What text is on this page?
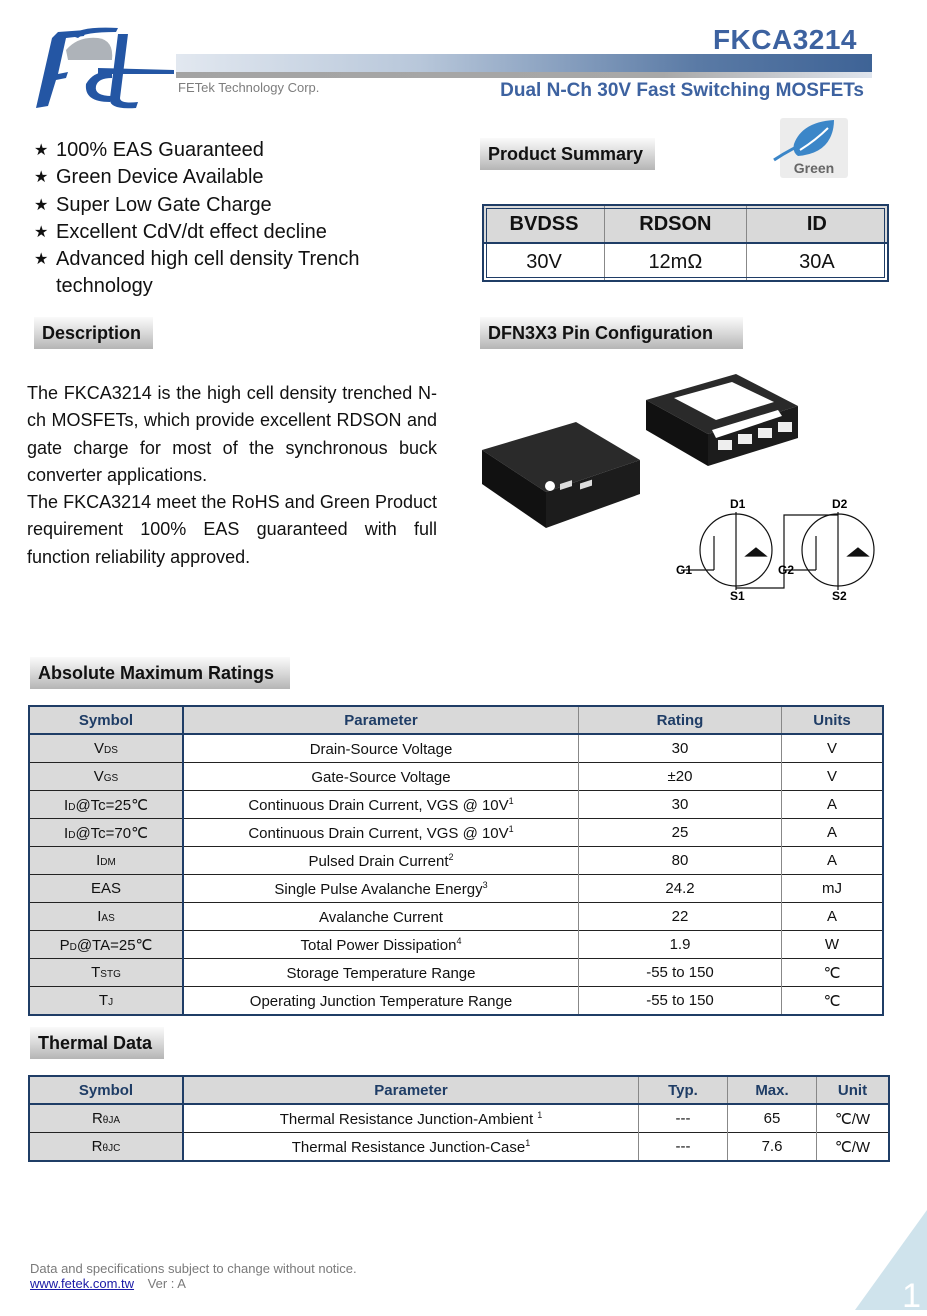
FETek Technology Corp.
FKCA3214
Dual N-Ch 30V Fast Switching MOSFETs
★ 100% EAS Guaranteed
★ Green Device Available
★ Super Low Gate Charge
★ Excellent CdV/dt effect decline
★ Advanced high cell density Trench
technology
Product Summary
Green
BVDSS	RDSON	ID
30V	12mΩ	30A
Description

The FKCA3214 is the high cell density trenched N-ch MOSFETs, which provide excellent RDSON and gate charge for most of the synchronous buck converter applications.

The FKCA3214 meet the RoHS and Green Product requirement 100% EAS guaranteed with full function reliability approved.

DFN3X3 Pin Configuration
D1	D2
G1	G2
S1	S2
Absolute Maximum Ratings
Symbol	Parameter	Rating	Units
VDS	Drain-Source Voltage	30	V
VGS	Gate-Source Voltage	±20	V
ID@Tc=25℃	Continuous Drain Current, VGS @ $10V^1$	30	A
ID@Tc=70℃	Continuous Drain Current, VGS @ $10V^1$	25	A
IDM	Pulsed Drain Current$^2$	80	A
EAS	Single Pulse Avalanche Energy$^3$	24.2	mJ
IAS	Avalanche Current	22	A
PD@TA=25℃	Total Power Dissipation$^4$	1.9	W
TSTG	Storage Temperature Range	-55 to 150	℃
TJ	Operating Junction Temperature Range	-55 to 150	℃
Thermal Data
Symbol	Parameter	Typ.	Max.	Unit
RθJA	Thermal Resistance Junction-Ambient $^1$	---	65	℃/W
RθJC	Thermal Resistance Junction-Case$^1$	---	7.6	℃/W
Data and specifications subject to change without notice.
www.fetek.com.tw Ver : A	1
